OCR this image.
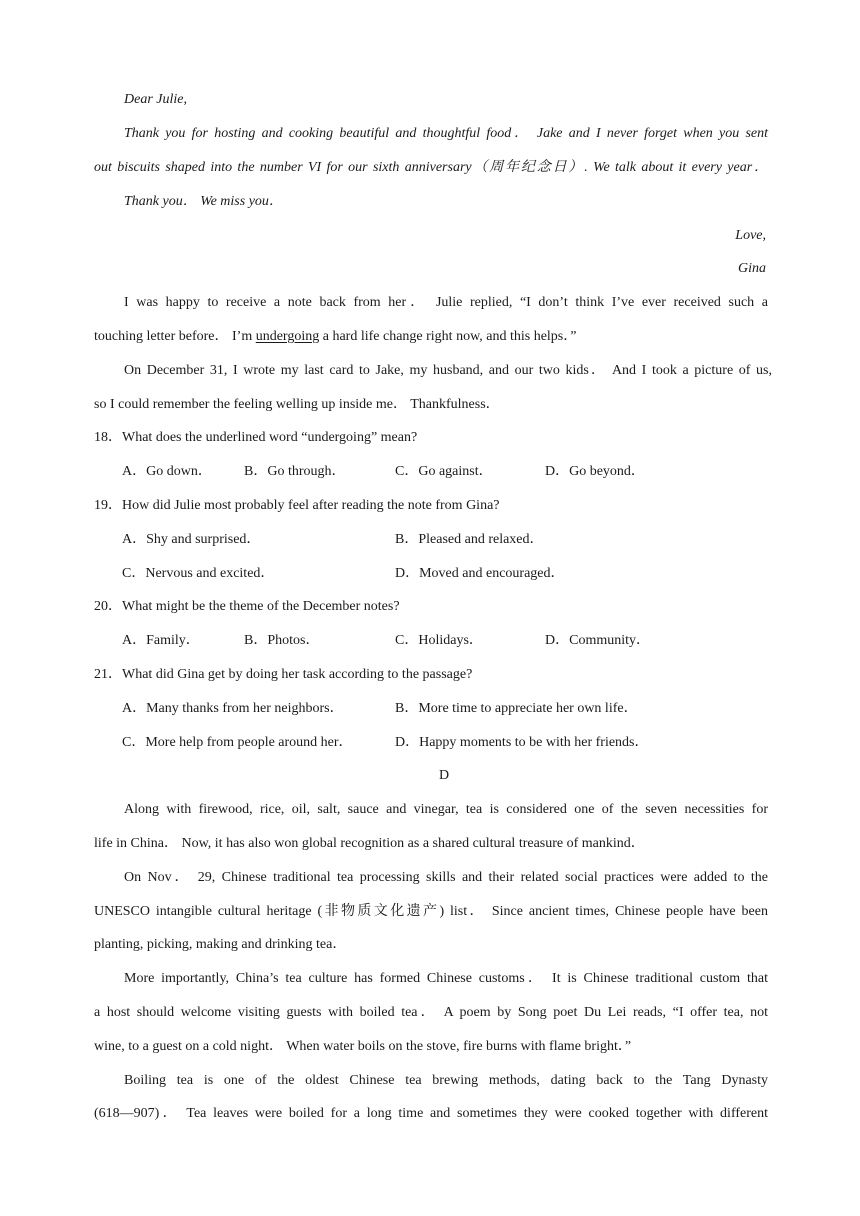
Dear Julie,
Thank you for hosting and cooking beautiful and thoughtful food． Jake and I never forget when you sent
out biscuits shaped into the number VI for our sixth anniversary（周年纪念日）. We talk about it every year．
Thank you． We miss you．
Love,
Gina
I was happy to receive a note back from her． Julie replied, “I don’t think I’ve ever received such a
touching letter before． I’m undergoing a hard life change right now, and this helps．”
On December 31, I wrote my last card to Jake, my husband, and our two kids． And I took a picture of us,
so I could remember the feeling welling up inside me． Thankfulness．
18．What does the underlined word “undergoing” mean?
A．Go down． B．Go through．	C．Go against．	D．Go beyond．
19．How did Julie most probably feel after reading the note from Gina?
A．Shy and surprised．	B．Pleased and relaxed．
C．Nervous and excited．	D．Moved and encouraged．
20．What might be the theme of the December notes?
A．Family．	B．Photos．	C．Holidays．	D．Community．
21．What did Gina get by doing her task according to the passage?
A．Many thanks from her neighbors．	B．More time to appreciate her own life．
C．More help from people around her．	D．Happy moments to be with her friends．
D
Along with firewood, rice, oil, salt, sauce and vinegar, tea is considered one of the seven necessities for
life in China． Now, it has also won global recognition as a shared cultural treasure of mankind．
On Nov． 29, Chinese traditional tea processing skills and their related social practices were added to the
UNESCO intangible cultural heritage (非物质文化遗产) list． Since ancient times, Chinese people have been
planting, picking, making and drinking tea．
More importantly, China’s tea culture has formed Chinese customs． It is Chinese traditional custom that
a host should welcome visiting guests with boiled tea． A poem by Song poet Du Lei reads, “I offer tea, not
wine, to a guest on a cold night． When water boils on the stove, fire burns with flame bright．”
Boiling tea is one of the oldest Chinese tea brewing methods, dating back to the Tang Dynasty
(618—907)． Tea leaves were boiled for a long time and sometimes they were cooked together with different
